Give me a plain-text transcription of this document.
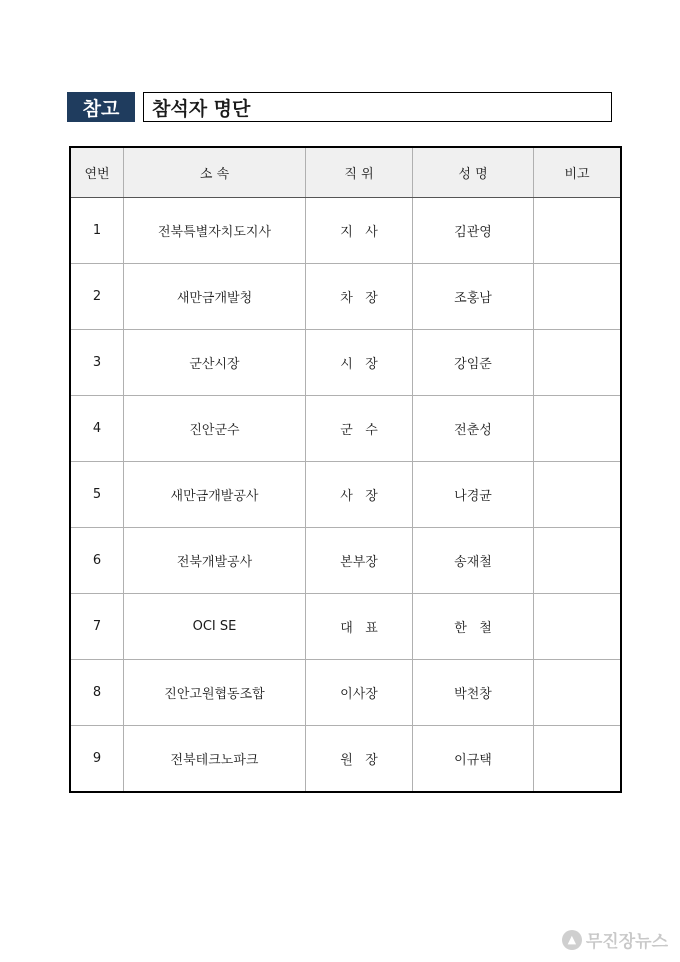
참고	참석자 명단
연번	소 속	직 위	성 명	비고
1	전북특별자치도지사	지   사	김관영	
2	새만금개발청	차   장	조홍남	
3	군산시장	시   장	강임준	
4	진안군수	군   수	전춘성	
5	새만금개발공사	사   장	나경균	
6	전북개발공사	본부장	송재철	
7	OCI SE	대   표	한   철	
8	진안고원협동조합	이사장	박천창	
9	전북테크노파크	원   장	이규택	
▲ 무진장뉴스
